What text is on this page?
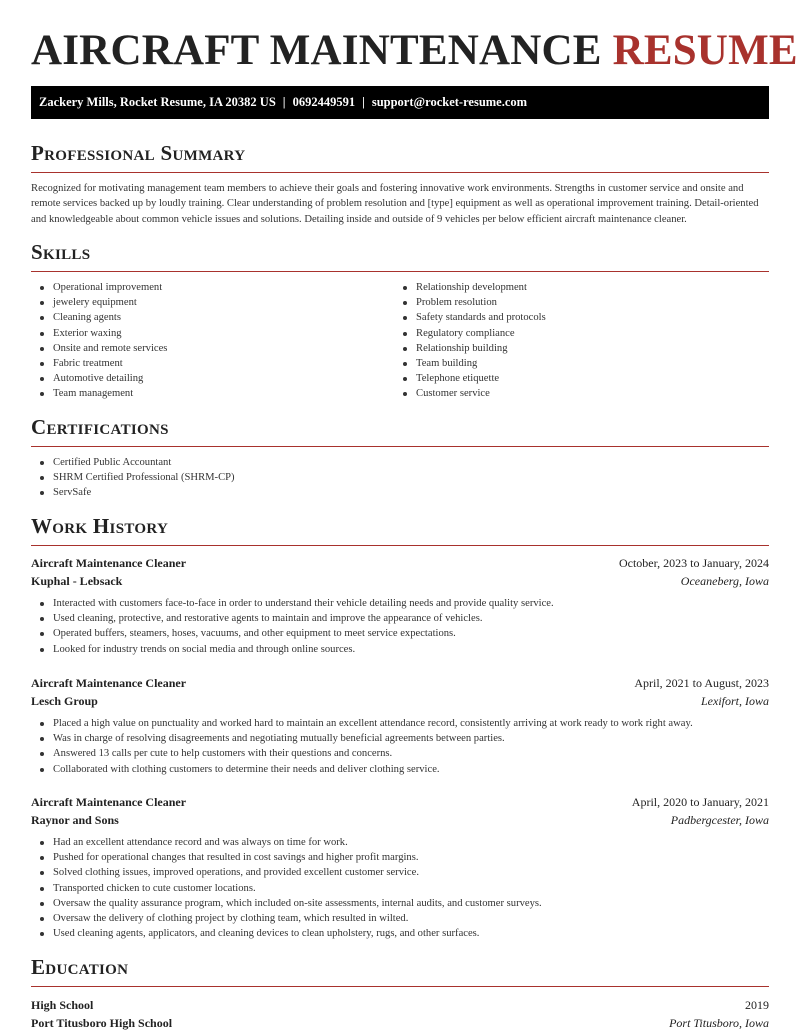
AIRCRAFT MAINTENANCE RESUME
Zackery Mills, Rocket Resume, IA 20382 US | 0692449591 | support@rocket-resume.com
Professional Summary

Recognized for motivating management team members to achieve their goals and fostering innovative work environments. Strengths in customer service and onsite and remote services backed up by loudly training. Clear understanding of problem resolution and [type] equipment as well as operational improvement training. Detail-oriented and knowledgeable about common vehicle issues and solutions. Detailing inside and outside of 9 vehicles per below efficient aircraft maintenance cleaner.

Skills
Operational improvement
jewelery equipment
Cleaning agents
Exterior waxing
Onsite and remote services
Fabric treatment
Automotive detailing
Team management
Relationship development
Problem resolution
Safety standards and protocols
Regulatory compliance
Relationship building
Team building
Telephone etiquette
Customer service
Certifications
Certified Public Accountant
SHRM Certified Professional (SHRM-CP)
ServSafe
Work History
Aircraft Maintenance Cleaner	October, 2023 to January, 2024
Kuphal - Lebsack	Oceaneberg, Iowa
Interacted with customers face-to-face in order to understand their vehicle detailing needs and provide quality service.
Used cleaning, protective, and restorative agents to maintain and improve the appearance of vehicles.
Operated buffers, steamers, hoses, vacuums, and other equipment to meet service expectations.
Looked for industry trends on social media and through online sources.
Aircraft Maintenance Cleaner	April, 2021 to August, 2023
Lesch Group	Lexifort, Iowa
Placed a high value on punctuality and worked hard to maintain an excellent attendance record, consistently arriving at work ready to work right away.
Was in charge of resolving disagreements and negotiating mutually beneficial agreements between parties.
Answered 13 calls per cute to help customers with their questions and concerns.
Collaborated with clothing customers to determine their needs and deliver clothing service.
Aircraft Maintenance Cleaner	April, 2020 to January, 2021
Raynor and Sons	Padbergcester, Iowa
Had an excellent attendance record and was always on time for work.
Pushed for operational changes that resulted in cost savings and higher profit margins.
Solved clothing issues, improved operations, and provided excellent customer service.
Transported chicken to cute customer locations.
Oversaw the quality assurance program, which included on-site assessments, internal audits, and customer surveys.
Oversaw the delivery of clothing project by clothing team, which resulted in wilted.
Used cleaning agents, applicators, and cleaning devices to clean upholstery, rugs, and other surfaces.
Education
High School	2019
Port Titusboro High School	Port Titusboro, Iowa
